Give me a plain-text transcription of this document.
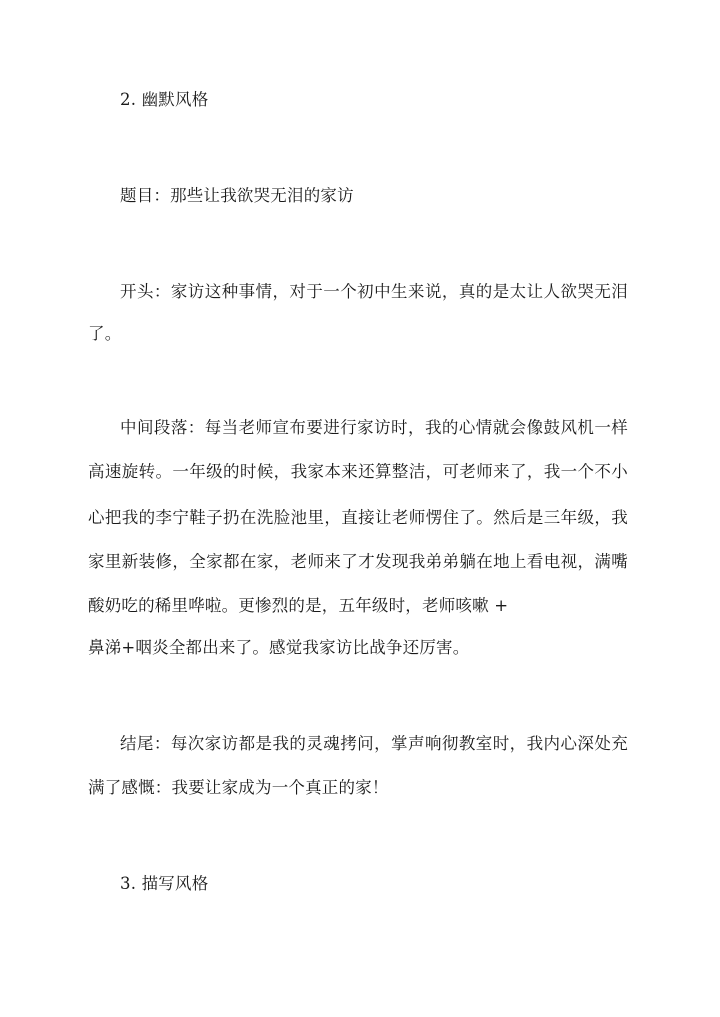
2. 幽默风格
题目：那些让我欲哭无泪的家访
开头：家访这种事情，对于一个初中生来说，真的是太让人欲哭无泪
了。
中间段落：每当老师宣布要进行家访时，我的心情就会像鼓风机一样
高速旋转。一年级的时候，我家本来还算整洁，可老师来了，我一个不小
心把我的李宁鞋子扔在洗脸池里，直接让老师愣住了。然后是三年级，我
家里新装修，全家都在家，老师来了才发现我弟弟躺在地上看电视，满嘴
酸奶吃的稀里哗啦。更惨烈的是，五年级时，老师咳嗽 +
鼻涕+咽炎全都出来了。感觉我家访比战争还厉害。
结尾：每次家访都是我的灵魂拷问，掌声响彻教室时，我内心深处充
满了感慨：我要让家成为一个真正的家！
3. 描写风格
